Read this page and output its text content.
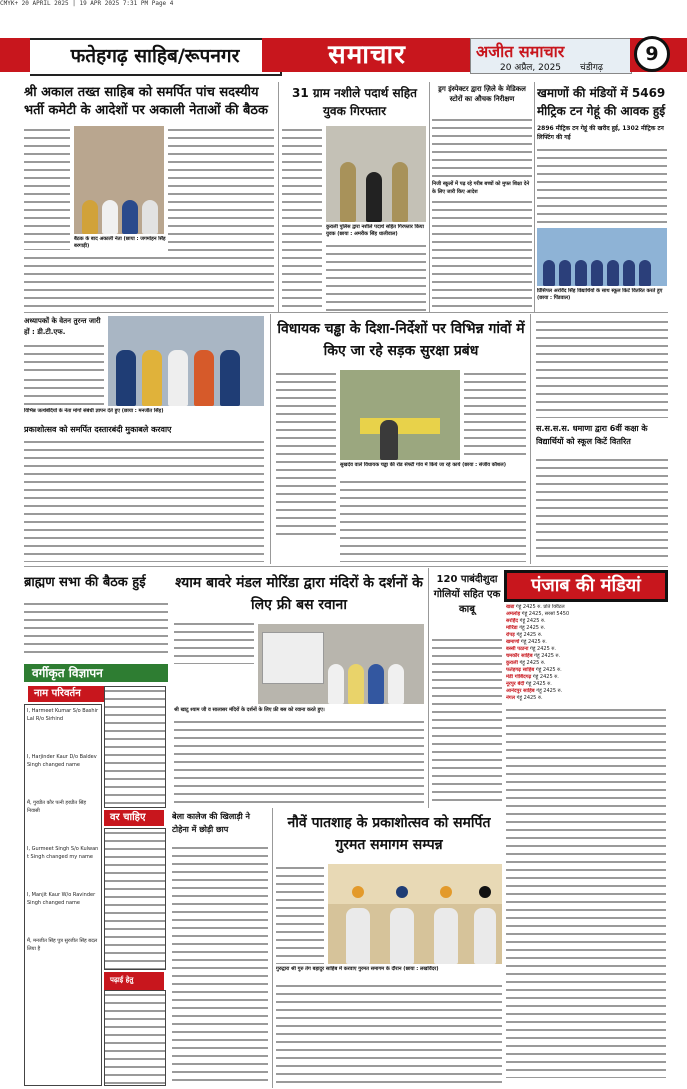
CMYK+ 20 APRIL 2025 | 19 APR 2025 7:31 PM Page 4
फतेहगढ़ साहिब/रूपनगर	समाचार	अजीत समाचार
20 अप्रैल, 2025 चंडीगढ़
9
श्री अकाल तख्त साहिब को समर्पित पांच सदस्यीय भर्ती कमेटी के आदेशों पर अकाली नेताओं की बैठक
बैठक के बाद अकाली नेता (छाया : जगमोहन सिंह बरगाड़ी)
31 ग्राम नशीले पदार्थ सहित युवक गिरफ्तार
कुराली पुलिस द्वारा नशीले पदार्थ सहित गिरफ्तार किया युवक (छाया : अमरीक सिंह धालीवाल)
ड्रग इंस्पेक्टर द्वारा ज़िले के मेडिकल स्टोरों का औचक निरीक्षण
निजी स्कूलों में पढ़ रहे गरीब बच्चों को मुफ्त शिक्षा देने के लिए जारी किए आदेश
खमाणों की मंडियों में 5469 मीट्रिक टन गेहूं की आवक हुई
2896 मीट्रिक टन गेहूं की खरीद हुई, 1302 मीट्रिक टन लिफ्टिंग की गई
प्रिंसिपल अरविंद सिंह विद्यार्थियों के साथ स्कूल किटें वितरित करते हुए (छाया : पिंडवाल)
अध्यापकों के वेतन तुरन्त जारी हों : डी.टी.एफ.
विभिन्न जत्थेबंदियों के नेता मांगों संबंधी ज्ञापन देते हुए (छाया : मनजीत सिंह)
प्रकाशोत्सव को समर्पित दस्तारबंदी मुकाबले करवाए
विधायक चड्ढा के दिशा-निर्देशों पर विभिन्न गांवों में किए जा रहे सड़क सुरक्षा प्रबंध
सुखदेव वाले विधायक चड्ढा की रोड सेफ्टी गांव में किये जा रहे कार्य (छाया : संजीव कौशल)
स.स.स.स. धमाणा द्वारा 6वीं कक्षा के विद्यार्थियों को स्कूल किटें वितरित
ब्राह्मण सभा की बैठक हुई	श्याम बावरे मंडल मोरिंडा द्वारा मंदिरों के दर्शनों के लिए फ्री बस रवाना
श्री खाटू श्याम जी व सालासर मंदिरों के दर्शनों के लिए फ्री बस को रवाना करते हुए।
120 पाबंदीशुदा गोलियों सहित एक काबू
पंजाब की मंडियां
खन्ना गेहूं 2425 रु. प्रति क्विंटल
अमलोह गेहूं 2425, सरसों 5450
सरहिंद गेहूं 2425 रु.
मोरिंडा गेहूं 2425 रु.
रोपड़ गेहूं 2425 रु.
खमाणों गेहूं 2425 रु.
बस्सी पठाना गेहूं 2425 रु.
चमकौर साहिब गेहूं 2425 रु.
कुराली गेहूं 2425 रु.
फतेहगढ़ साहिब गेहूं 2425 रु.
मंडी गोबिंदगढ़ गेहूं 2425 रु.
नूरपुर बेदी गेहूं 2425 रु.
आनंदपुर साहिब गेहूं 2425 रु.
नंगल गेहूं 2425 रु.
वर्गीकृत विज्ञापन
नाम परिवर्तन
I, Harmeet Kumar S/o Bashir Lal R/o Sirhind
I, Harjinder Kaur D/o Baldev Singh changed name
मैं, गुरप्रीत कौर पत्नी हरप्रीत सिंह निवासी
I, Gurmeet Singh S/o Kulwant Singh changed my name
I, Manjit Kaur W/o Ravinder Singh changed name
मैं, मनजीत सिंह पुत्र सुरजीत सिंह बदल लिया है
वर चाहिए
पढ़ाई हेतु
बेला कालेज की खिलाड़ी ने टोहेना में छोड़ी छाप	नौवें पातशाह के प्रकाशोत्सव को समर्पित गुरमत समागम सम्पन्न
गुरुद्वारा श्री गुरु तेग बहादुर साहिब में करवाए गुरमत समागम के दौरान (छाया : लखविंदर)
